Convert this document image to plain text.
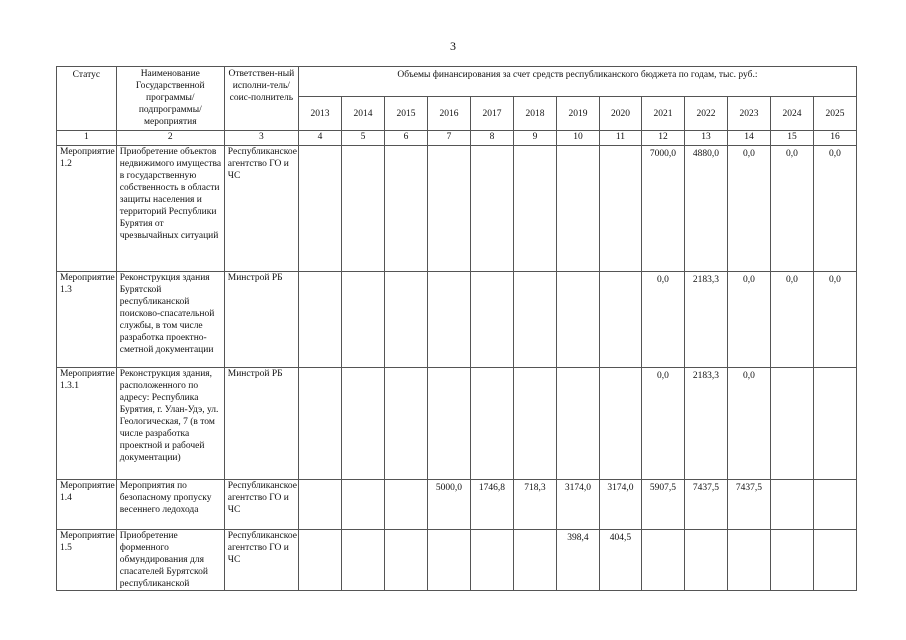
3
Статус	Наименование Государственной программы/ подпрограммы/ мероприятия	Ответствен-ный исполни-тель/ соис-полнитель	Объемы финансирования за счет средств республиканского бюджета по годам, тыс. руб.:												
			2013	2014	2015	2016	2017	2018	2019	2020	2021	2022	2023	2024	2025
1	2	3	4	5	6	7	8	9	10	11	12	13	14	15	16
Мероприятие 1.2	Приобретение объектов недвижимого имущества в государственную собственность в области защиты населения и территорий Республики Бурятия от чрезвычайных ситуаций	Республиканское агентство ГО и ЧС									7000,0	4880,0	0,0	0,0	0,0
Мероприятие 1.3	Реконструкция здания Бурятской республиканской поисково-спасательной службы, в том числе разработка проектно-сметной документации	Минстрой РБ									0,0	2183,3	0,0	0,0	0,0
Мероприятие 1.3.1	Реконструкция здания, расположенного по адресу: Республика Бурятия, г. Улан-Удэ, ул. Геологическая, 7 (в том числе разработка проектной и рабочей документации)	Минстрой РБ									0,0	2183,3	0,0		
Мероприятие 1.4	Мероприятия по безопасному пропуску весеннего ледохода	Республиканское агентство ГО и ЧС				5000,0	1746,8	718,3	3174,0	3174,0	5907,5	7437,5	7437,5		
Мероприятие 1.5	Приобретение форменного обмундирования для спасателей Бурятской республиканской	Республиканское агентство ГО и ЧС							398,4	404,5					
